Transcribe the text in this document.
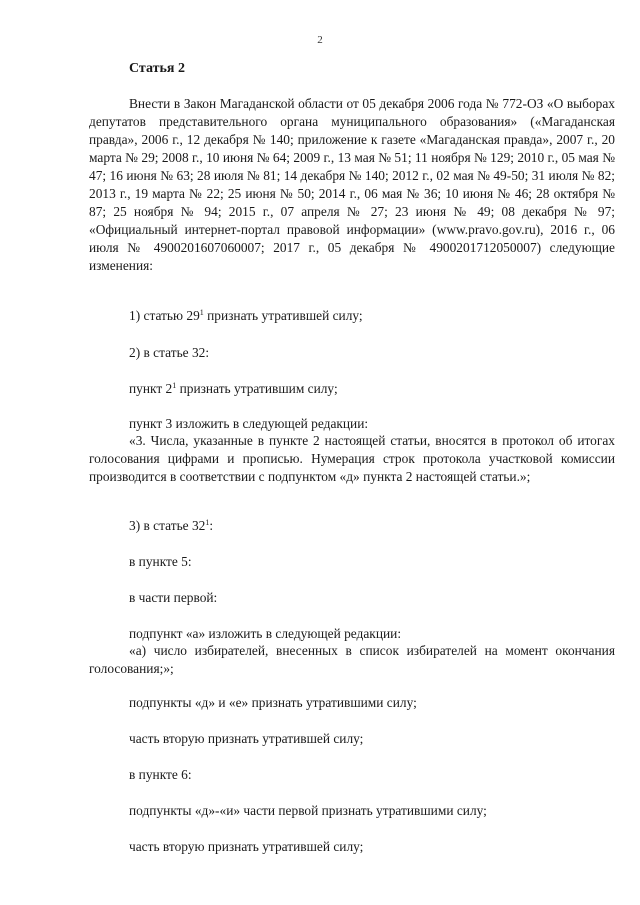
2
Статья 2
Внести в Закон Магаданской области от 05 декабря 2006 года № 772-ОЗ «О выборах депутатов представительного органа муниципального образования» («Магаданская правда», 2006 г., 12 декабря № 140; приложение к газете «Магаданская правда», 2007 г., 20 марта № 29; 2008 г., 10 июня № 64; 2009 г., 13 мая № 51; 11 ноября № 129; 2010 г., 05 мая № 47; 16 июня № 63; 28 июля № 81; 14 декабря № 140; 2012 г., 02 мая № 49-50; 31 июля № 82; 2013 г., 19 марта № 22; 25 июня № 50; 2014 г., 06 мая № 36; 10 июня № 46; 28 октября № 87; 25 ноября № 94; 2015 г., 07 апреля № 27; 23 июня № 49; 08 декабря № 97; «Официальный интернет-портал правовой информации» (www.pravo.gov.ru), 2016 г., 06 июля № 4900201607060007; 2017 г., 05 декабря № 4900201712050007) следующие изменения:
1) статью $29^1$ признать утратившей силу;
2) в статье 32:
пункт $2^1$ признать утратившим силу;
пункт 3 изложить в следующей редакции:
«3. Числа, указанные в пункте 2 настоящей статьи, вносятся в протокол об итогах голосования цифрами и прописью. Нумерация строк протокола участковой комиссии производится в соответствии с подпунктом «д» пункта 2 настоящей статьи.»;
3) в статье $32^1$:
в пункте 5:
в части первой:
подпункт «а» изложить в следующей редакции:
«а) число избирателей, внесенных в список избирателей на момент окончания голосования;»;
подпункты «д» и «е» признать утратившими силу;
часть вторую признать утратившей силу;
в пункте 6:
подпункты «д»-«и» части первой признать утратившими силу;
часть вторую признать утратившей силу;
